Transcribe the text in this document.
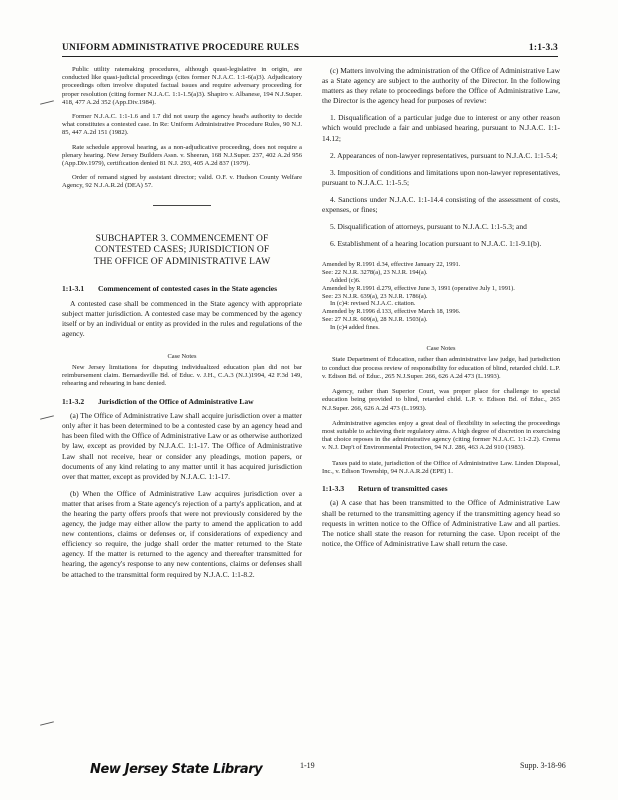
UNIFORM ADMINISTRATIVE PROCEDURE RULES	1:1-3.3

Public utility ratemaking procedures, although quasi-legislative in origin, are conducted like quasi-judicial proceedings (cites former N.J.A.C. 1:1-6(a)3). Adjudicatory proceedings often involve disputed factual issues and require adversary proceeding for proper resolution (citing former N.J.A.C. 1:1-1.5(a)3). Shapiro v. Albanese, 194 N.J.Super. 418, 477 A.2d 352 (App.Div.1984).

Former N.J.A.C. 1:1-1.6 and 1.7 did not usurp the agency head's authority to decide what constitutes a contested case. In Re: Uniform Administrative Procedure Rules, 90 N.J. 85, 447 A.2d 151 (1982).

Rate schedule approval hearing, as a non-adjudicative proceeding, does not require a plenary hearing. New Jersey Builders Assn. v. Sheeran, 168 N.J.Super. 237, 402 A.2d 956 (App.Div.1979), certification denied 81 N.J. 293, 405 A.2d 837 (1979).

Order of remand signed by assistant director; valid. O.F. v. Hudson County Welfare Agency, 92 N.J.A.R.2d (DEA) 57.

SUBCHAPTER 3. COMMENCEMENT OF
CONTESTED CASES; JURISDICTION OF
THE OFFICE OF ADMINISTRATIVE LAW
1:1-3.1 Commencement of contested cases in the State agencies

A contested case shall be commenced in the State agency with appropriate subject matter jurisdiction. A contested case may be commenced by the agency itself or by an individual or entity as provided in the rules and regulations of the agency.

Case Notes

New Jersey limitations for disputing individualized education plan did not bar reimbursement claim. Bernardsville Bd. of Educ. v. J.H., C.A.3 (N.J.)1994, 42 F.3d 149, rehearing and rehearing in banc denied.

1:1-3.2 Jurisdiction of the Office of Administrative Law

(a) The Office of Administrative Law shall acquire jurisdiction over a matter only after it has been determined to be a contested case by an agency head and has been filed with the Office of Administrative Law or as otherwise authorized by law, except as provided by N.J.A.C. 1:1-17. The Office of Administrative Law shall not receive, hear or consider any pleadings, motion papers, or documents of any kind relating to any matter until it has acquired jurisdiction over that matter, except as provided by N.J.A.C. 1:1-17.

(b) When the Office of Administrative Law acquires jurisdiction over a matter that arises from a State agency's rejection of a party's application, and at the hearing the party offers proofs that were not previously considered by the agency, the judge may either allow the party to amend the application to add new contentions, claims or defenses or, if considerations of expediency and efficiency so require, the judge shall order the matter returned to the State agency. If the matter is returned to the agency and thereafter transmitted for hearing, the agency's response to any new contentions, claims or defenses shall be attached to the transmittal form required by N.J.A.C. 1:1-8.2.

(c) Matters involving the administration of the Office of Administrative Law as a State agency are subject to the authority of the Director. In the following matters as they relate to proceedings before the Office of Administrative Law, the Director is the agency head for purposes of review:

1. Disqualification of a particular judge due to interest or any other reason which would preclude a fair and unbiased hearing, pursuant to N.J.A.C. 1:1-14.12;

2. Appearances of non-lawyer representatives, pursuant to N.J.A.C. 1:1-5.4;

3. Imposition of conditions and limitations upon non-lawyer representatives, pursuant to N.J.A.C. 1:1-5.5;

4. Sanctions under N.J.A.C. 1:1-14.4 consisting of the assessment of costs, expenses, or fines;

5. Disqualification of attorneys, pursuant to N.J.A.C. 1:1-5.3; and

6. Establishment of a hearing location pursuant to N.J.A.C. 1:1-9.1(b).

Amended by R.1991 d.34, effective January 22, 1991.
See: 22 N.J.R. 3278(a), 23 N.J.R. 194(a).
Added (c)6.
Amended by R.1991 d.279, effective June 3, 1991 (operative July 1, 1991).
See: 23 N.J.R. 639(a), 23 N.J.R. 1786(a).
In (c)4: revised N.J.A.C. citation.
Amended by R.1996 d.133, effective March 18, 1996.
See: 27 N.J.R. 609(a), 28 N.J.R. 1503(a).
In (c)4 added fines.
Case Notes

State Department of Education, rather than administrative law judge, had jurisdiction to conduct due process review of responsibility for education of blind, retarded child. L.P. v. Edison Bd. of Educ., 265 N.J.Super. 266, 626 A.2d 473 (L.1993).

Agency, rather than Superior Court, was proper place for challenge to special education being provided to blind, retarded child. L.P. v. Edison Bd. of Educ., 265 N.J.Super. 266, 626 A.2d 473 (L.1993).

Administrative agencies enjoy a great deal of flexibility in selecting the proceedings most suitable to achieving their regulatory aims. A high degree of discretion in exercising that choice reposes in the administrative agency (citing former N.J.A.C. 1:1-2.2). Crema v. N.J. Dep't of Environmental Protection, 94 N.J. 286, 463 A.2d 910 (1983).

Taxes paid to state, jurisdiction of the Office of Administrative Law. Linden Disposal, Inc., v. Edison Township, 94 N.J.A.R.2d (EPE) 1.

1:1-3.3 Return of transmitted cases

(a) A case that has been transmitted to the Office of Administrative Law shall be returned to the transmitting agency if the transmitting agency head so requests in written notice to the Office of Administrative Law and all parties. The notice shall state the reason for returning the case. Upon receipt of the notice, the Office of Administrative Law shall return the case.

New Jersey State Library	1-19	Supp. 3-18-96
